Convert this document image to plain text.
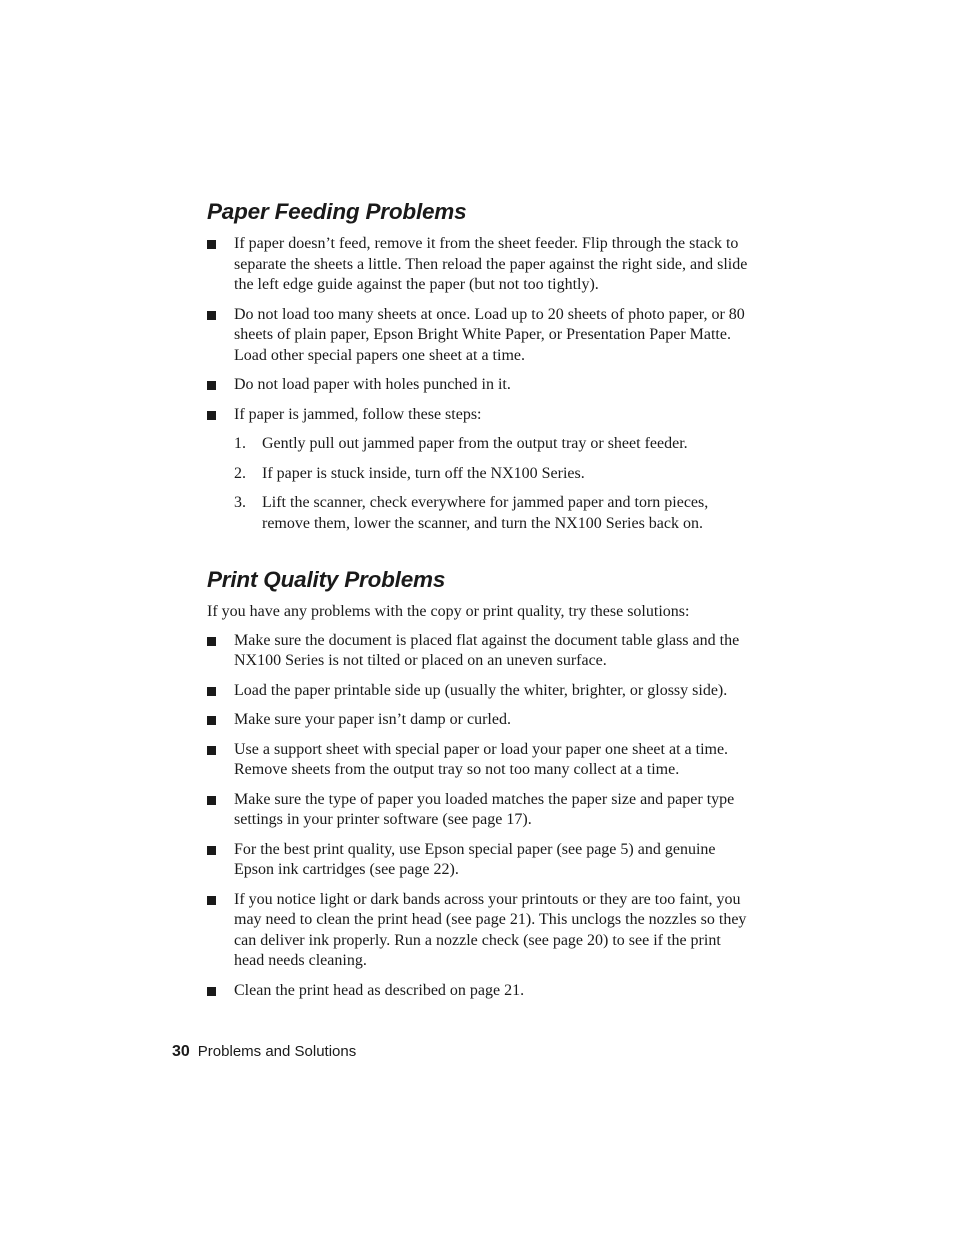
Paper Feeding Problems
If paper doesn’t feed, remove it from the sheet feeder. Flip through the stack to separate the sheets a little. Then reload the paper against the right side, and slide the left edge guide against the paper (but not too tightly).
Do not load too many sheets at once. Load up to 20 sheets of photo paper, or 80 sheets of plain paper, Epson Bright White Paper, or Presentation Paper Matte. Load other special papers one sheet at a time.
Do not load paper with holes punched in it.
If paper is jammed, follow these steps:
1. Gently pull out jammed paper from the output tray or sheet feeder.
2. If paper is stuck inside, turn off the NX100 Series.
3. Lift the scanner, check everywhere for jammed paper and torn pieces, remove them, lower the scanner, and turn the NX100 Series back on.
Print Quality Problems

If you have any problems with the copy or print quality, try these solutions:

Make sure the document is placed flat against the document table glass and the NX100 Series is not tilted or placed on an uneven surface.
Load the paper printable side up (usually the whiter, brighter, or glossy side).
Make sure your paper isn’t damp or curled.
Use a support sheet with special paper or load your paper one sheet at a time. Remove sheets from the output tray so not too many collect at a time.
Make sure the type of paper you loaded matches the paper size and paper type settings in your printer software (see page 17).
For the best print quality, use Epson special paper (see page 5) and genuine Epson ink cartridges (see page 22).
If you notice light or dark bands across your printouts or they are too faint, you may need to clean the print head (see page 21). This unclogs the nozzles so they can deliver ink properly. Run a nozzle check (see page 20) to see if the print head needs cleaning.
Clean the print head as described on page 21.
30 Problems and Solutions
